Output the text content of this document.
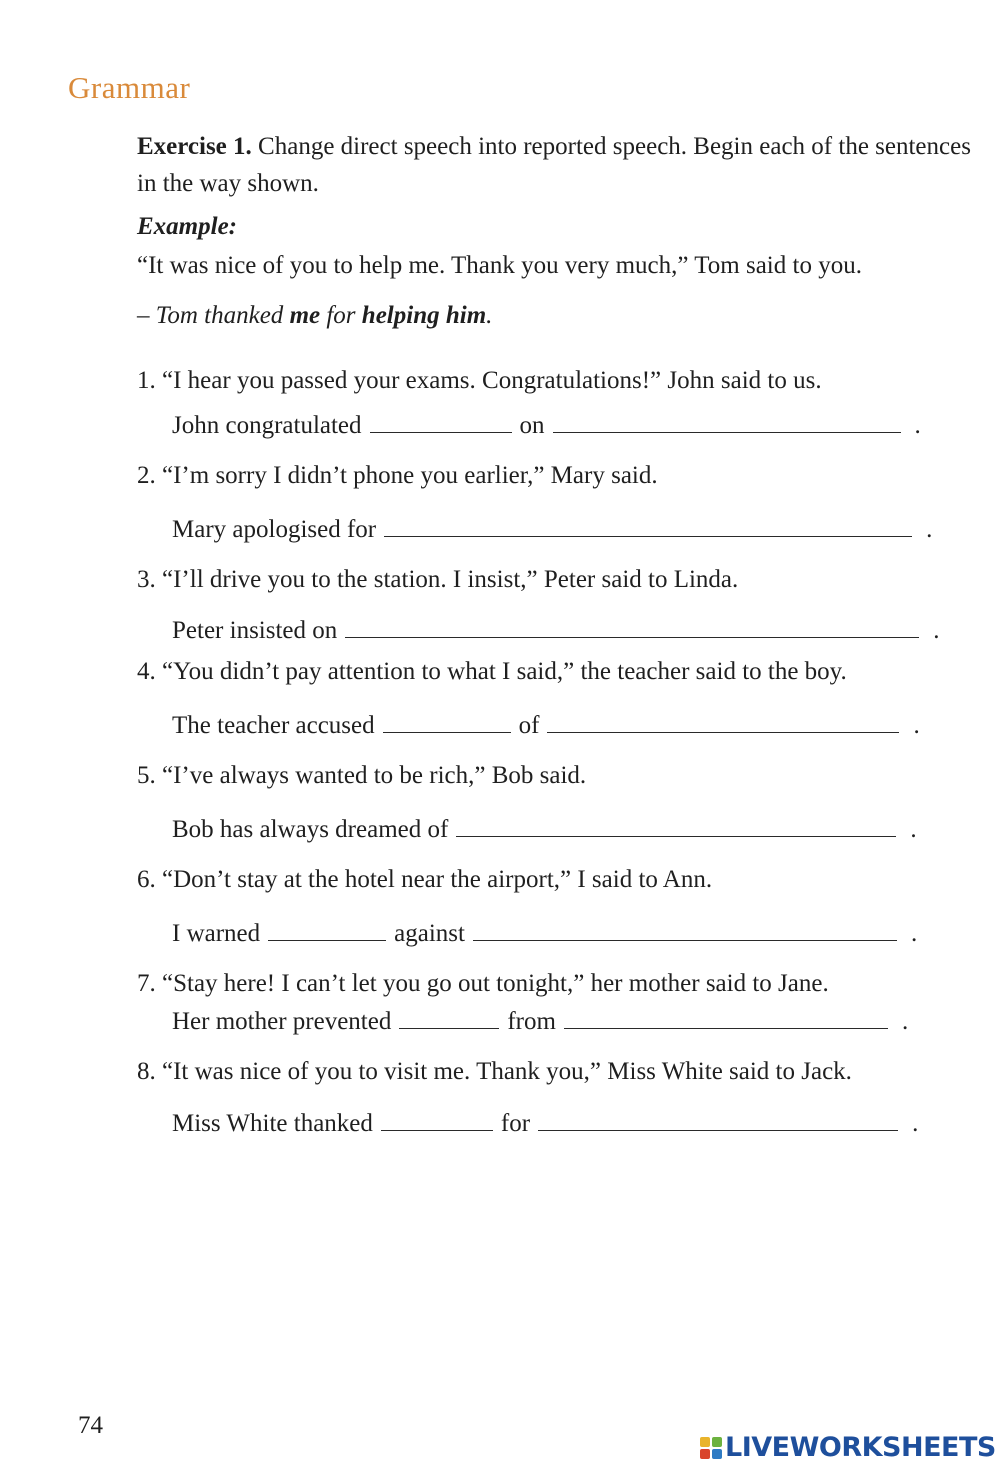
Grammar
Exercise 1. Change direct speech into reported speech. Begin each of the sentences in the way shown.
Example:
“It was nice of you to help me. Thank you very much,” Tom said to you.
– Tom thanked me for helping him.
1. “I hear you passed your exams. Congratulations!” John said to us.
John congratulated	on	.
2. “I’m sorry I didn’t phone you earlier,” Mary said.
Mary apologised for	.
3. “I’ll drive you to the station. I insist,” Peter said to Linda.
Peter insisted on	.
4. “You didn’t pay attention to what I said,” the teacher said to the boy.
The teacher accused	of	.
5. “I’ve always wanted to be rich,” Bob said.
Bob has always dreamed of	.
6. “Don’t stay at the hotel near the airport,” I said to Ann.
I warned	against	.
7. “Stay here! I can’t let you go out tonight,” her mother said to Jane.
Her mother prevented	from	.
8. “It was nice of you to visit me. Thank you,” Miss White said to Jack.
Miss White thanked	for	.
74
LIVEWORKSHEETS
